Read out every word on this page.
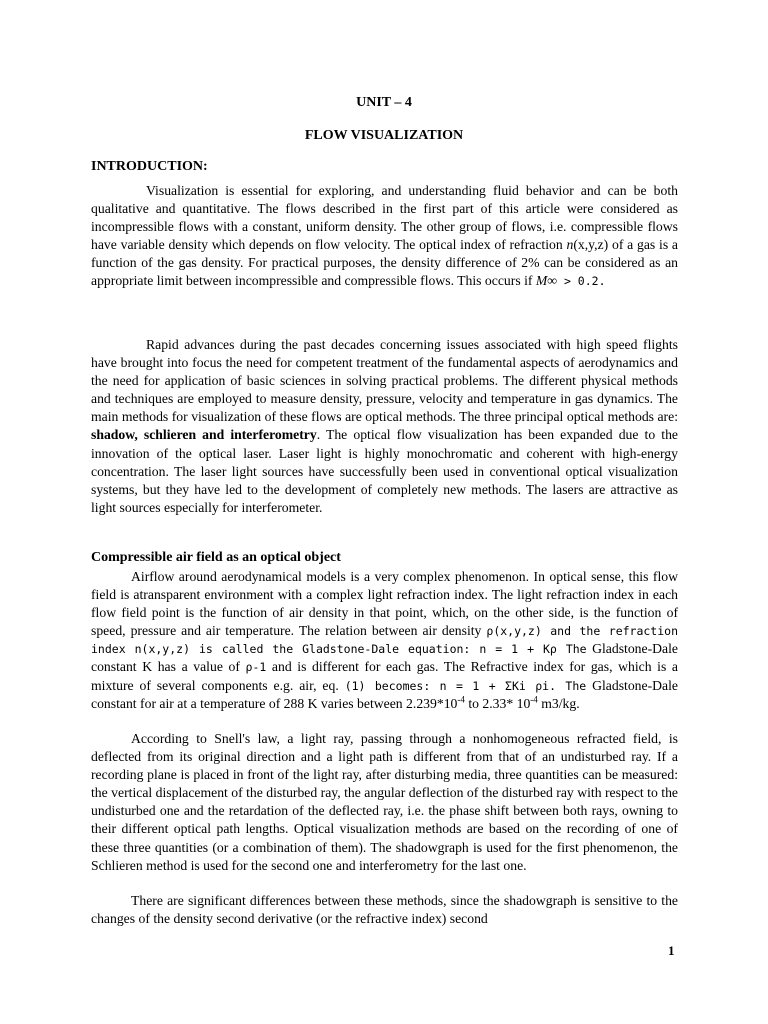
UNIT – 4
FLOW VISUALIZATION
INTRODUCTION:

Visualization is essential for exploring, and understanding fluid behavior and can be both qualitative and quantitative. The flows described in the first part of this article were considered as incompressible flows with a constant, uniform density. The other group of flows, i.e. compressible flows have variable density which depends on flow velocity. The optical index of refraction n(x,y,z) of a gas is a function of the gas density. For practical purposes, the density difference of 2% can be considered as an appropriate limit between incompressible and compressible flows. This occurs if M∞ > 0.2.

Rapid advances during the past decades concerning issues associated with high speed flights have brought into focus the need for competent treatment of the fundamental aspects of aerodynamics and the need for application of basic sciences in solving practical problems. The different physical methods and techniques are employed to measure density, pressure, velocity and temperature in gas dynamics. The main methods for visualization of these flows are optical methods. The three principal optical methods are: shadow, schlieren and interferometry. The optical flow visualization has been expanded due to the innovation of the optical laser. Laser light is highly monochromatic and coherent with high-energy concentration. The laser light sources have successfully been used in conventional optical visualization systems, but they have led to the development of completely new methods. The lasers are attractive as light sources especially for interferometer.

Compressible air field as an optical object

Airflow around aerodynamical models is a very complex phenomenon. In optical sense, this flow field is atransparent environment with a complex light refraction index. The light refraction index in each flow field point is the function of air density in that point, which, on the other side, is the function of speed, pressure and air temperature. The relation between air density ρ(x,y,z) and the refraction index n(x,y,z) is called the Gladstone-Dale equation: n = 1 + Kρ The Gladstone-Dale constant K has a value of ρ-1 and is different for each gas. The Refractive index for gas, which is a mixture of several components e.g. air, eq. (1) becomes: n = 1 + ΣKi ρi. The Gladstone-Dale constant for air at a temperature of 288 K varies between $2.239*10^{-4}$ to 2.33* $10^{-4}$ m3/kg.

According to Snell's law, a light ray, passing through a nonhomogeneous refracted field, is deflected from its original direction and a light path is different from that of an undisturbed ray. If a recording plane is placed in front of the light ray, after disturbing media, three quantities can be measured: the vertical displacement of the disturbed ray, the angular deflection of the disturbed ray with respect to the undisturbed one and the retardation of the deflected ray, i.e. the phase shift between both rays, owning to their different optical path lengths. Optical visualization methods are based on the recording of one of these three quantities (or a combination of them). The shadowgraph is used for the first phenomenon, the Schlieren method is used for the second one and interferometry for the last one.

There are significant differences between these methods, since the shadowgraph is sensitive to the changes of the density second derivative (or the refractive index) second

1
